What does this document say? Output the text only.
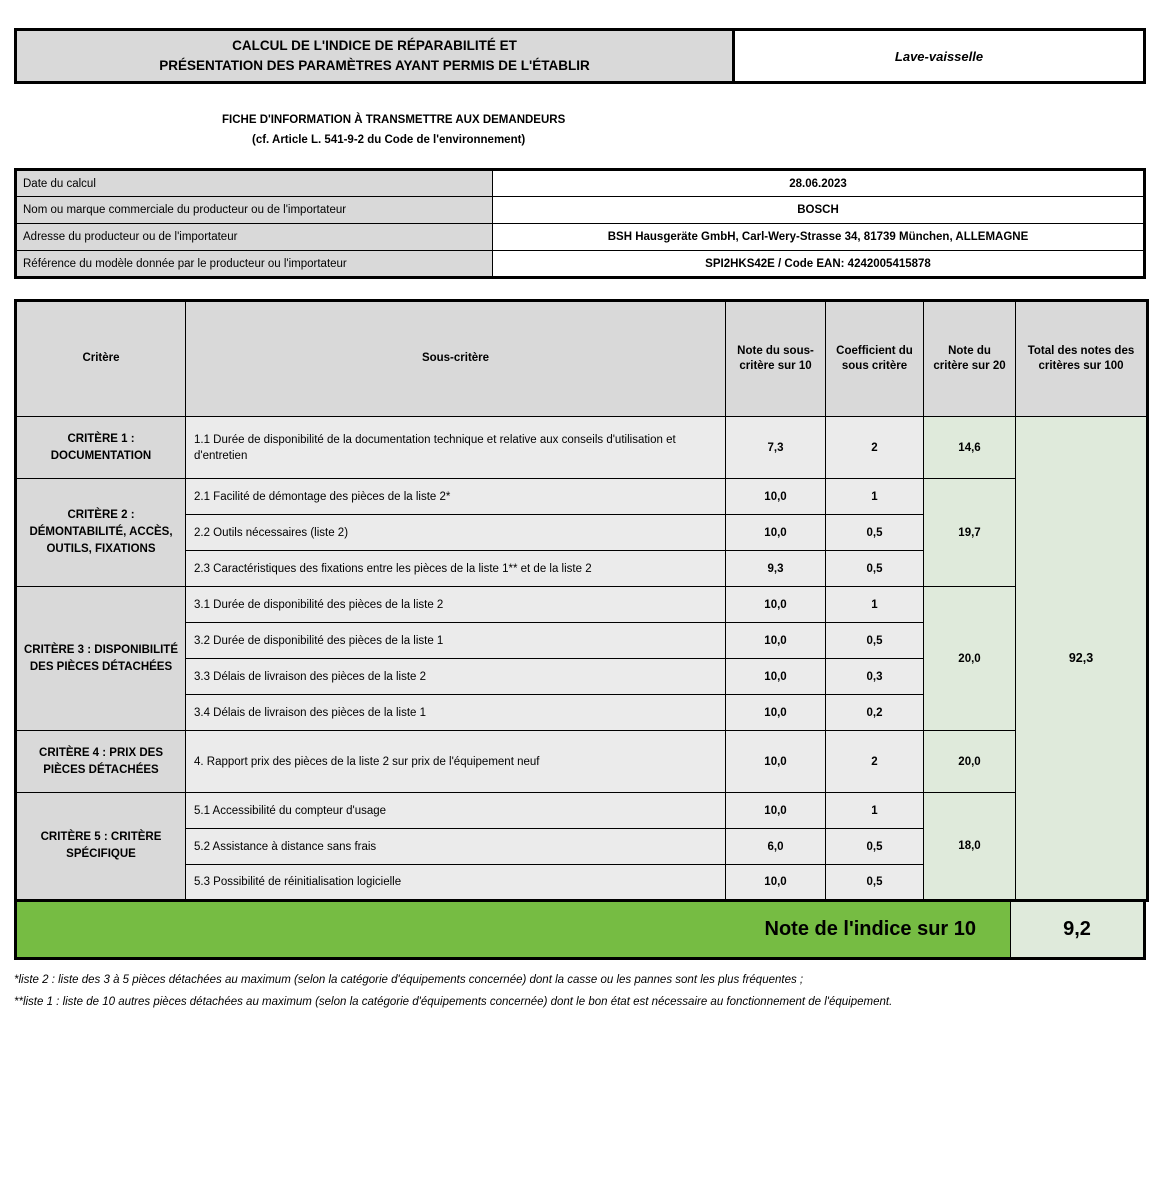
CALCUL DE L'INDICE DE RÉPARABILITÉ ET
PRÉSENTATION DES PARAMÈTRES AYANT PERMIS DE L'ÉTABLIR
Lave-vaisselle
FICHE D'INFORMATION À TRANSMETTRE AUX DEMANDEURS
(cf. Article L. 541-9-2 du Code de l'environnement)
Date du calcul	28.06.2023
Nom ou marque commerciale du producteur ou de l'importateur	BOSCH
Adresse du producteur ou de l'importateur	BSH Hausgeräte GmbH, Carl-Wery-Strasse 34, 81739 München, ALLEMAGNE
Référence du modèle donnée par le producteur ou l'importateur	SPI2HKS42E / Code EAN: 4242005415878
Critère	Sous-critère	Note du sous-critère sur 10	Coefficient du sous critère	Note du critère sur 20	Total des notes des critères sur 100
CRITÈRE 1 : DOCUMENTATION	1.1 Durée de disponibilité de la documentation technique et relative aux conseils d'utilisation et d'entretien	7,3	2	14,6	92,3
CRITÈRE 2 : DÉMONTABILITÉ, ACCÈS, OUTILS, FIXATIONS	2.1 Facilité de démontage des pièces de la liste 2*	10,0	1	19,7	
	2.2 Outils nécessaires (liste 2)	10,0	0,5		
	2.3 Caractéristiques des fixations entre les pièces de la liste 1** et de la liste 2	9,3	0,5		
CRITÈRE 3 : DISPONIBILITÉ DES PIÈCES DÉTACHÉES	3.1 Durée de disponibilité des pièces de la liste 2	10,0	1	20,0	
	3.2 Durée de disponibilité des pièces de la liste 1	10,0	0,5		
	3.3 Délais de livraison des pièces de la liste 2	10,0	0,3		
	3.4 Délais de livraison des pièces de la liste 1	10,0	0,2		
CRITÈRE 4 : PRIX DES PIÈCES DÉTACHÉES	4. Rapport prix des pièces de la liste 2 sur prix de l'équipement neuf	10,0	2	20,0	
CRITÈRE 5 : CRITÈRE SPÉCIFIQUE	5.1 Accessibilité du compteur d'usage	10,0	1	18,0	
	5.2 Assistance à distance sans frais	6,0	0,5		
	5.3 Possibilité de réinitialisation logicielle	10,0	0,5		
Note de l'indice sur 10	9,2

*liste 2 : liste des 3 à 5 pièces détachées au maximum (selon la catégorie d'équipements concernée) dont la casse ou les pannes sont les plus fréquentes ;

**liste 1 : liste de 10 autres pièces détachées au maximum (selon la catégorie d'équipements concernée) dont le bon état est nécessaire au fonctionnement de l'équipement.
